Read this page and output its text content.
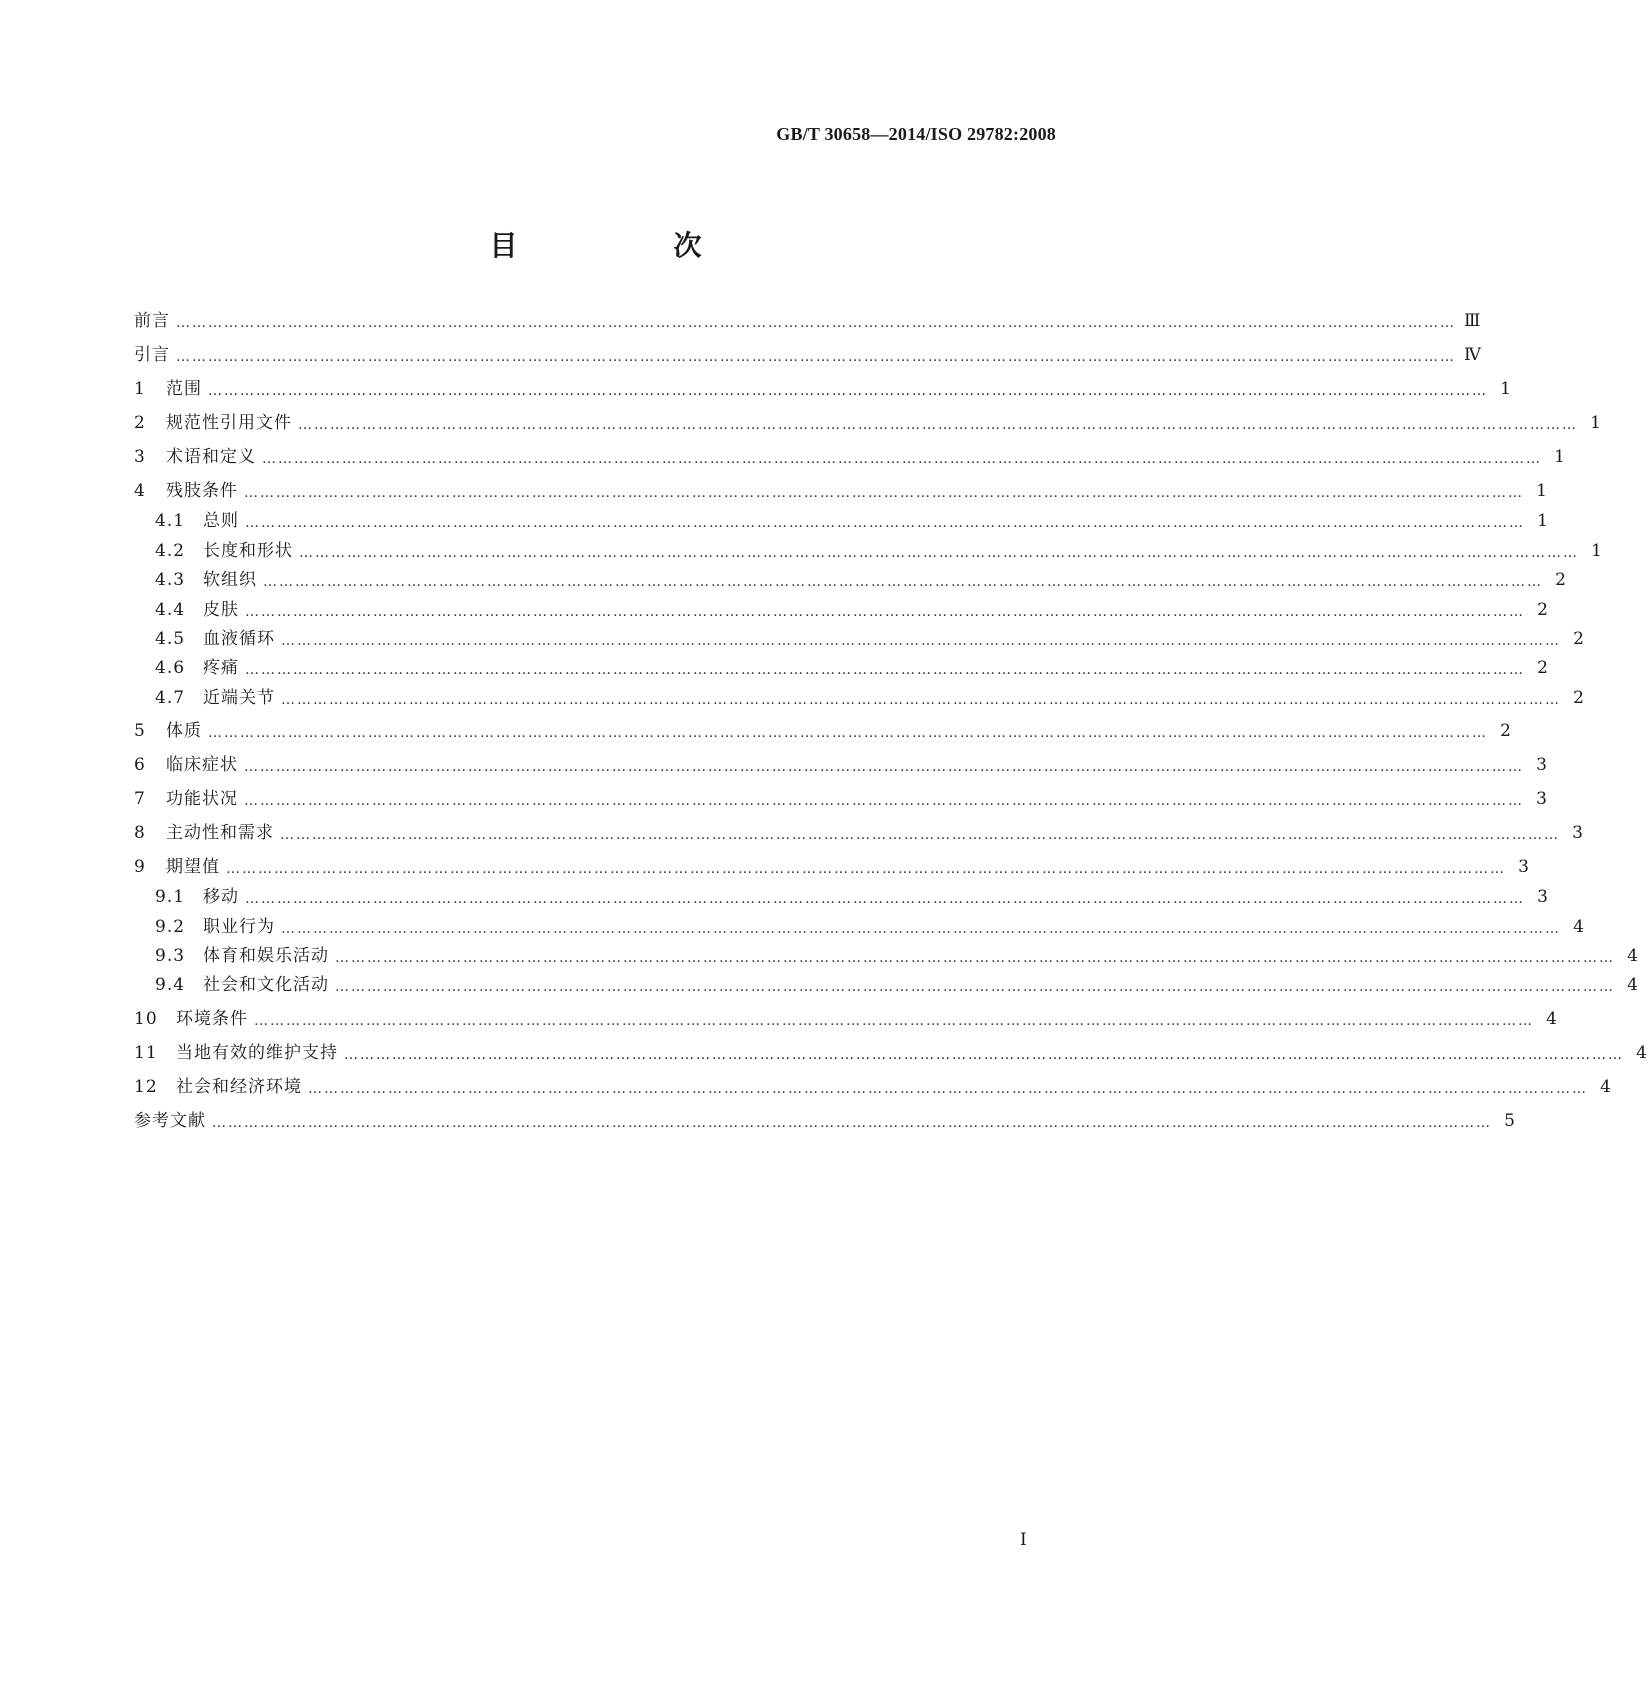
GB/T 30658—2014/ISO 29782:2008
目　次
前言 …………………………………………………………………………………………………………………………………………………………………………………………………………………… Ⅲ
引言 …………………………………………………………………………………………………………………………………………………………………………………………………………………… Ⅳ
1	范围 …………………………………………………………………………………………………………………………………………………………………………………………………………………… 1
2	规范性引用文件 …………………………………………………………………………………………………………………………………………………………………………………………………………………… 1
3	术语和定义 …………………………………………………………………………………………………………………………………………………………………………………………………………………… 1
4	残肢条件 …………………………………………………………………………………………………………………………………………………………………………………………………………………… 1
4.1	总则 …………………………………………………………………………………………………………………………………………………………………………………………………………………… 1
4.2	长度和形状 …………………………………………………………………………………………………………………………………………………………………………………………………………………… 1
4.3	软组织 …………………………………………………………………………………………………………………………………………………………………………………………………………………… 2
4.4	皮肤 …………………………………………………………………………………………………………………………………………………………………………………………………………………… 2
4.5	血液循环 …………………………………………………………………………………………………………………………………………………………………………………………………………………… 2
4.6	疼痛 …………………………………………………………………………………………………………………………………………………………………………………………………………………… 2
4.7	近端关节 …………………………………………………………………………………………………………………………………………………………………………………………………………………… 2
5	体质 …………………………………………………………………………………………………………………………………………………………………………………………………………………… 2
6	临床症状 …………………………………………………………………………………………………………………………………………………………………………………………………………………… 3
7	功能状况 …………………………………………………………………………………………………………………………………………………………………………………………………………………… 3
8	主动性和需求 …………………………………………………………………………………………………………………………………………………………………………………………………………………… 3
9	期望值 …………………………………………………………………………………………………………………………………………………………………………………………………………………… 3
9.1	移动 …………………………………………………………………………………………………………………………………………………………………………………………………………………… 3
9.2	职业行为 …………………………………………………………………………………………………………………………………………………………………………………………………………………… 4
9.3	体育和娱乐活动 …………………………………………………………………………………………………………………………………………………………………………………………………………………… 4
9.4	社会和文化活动 …………………………………………………………………………………………………………………………………………………………………………………………………………………… 4
10	环境条件 …………………………………………………………………………………………………………………………………………………………………………………………………………………… 4
11	当地有效的维护支持 …………………………………………………………………………………………………………………………………………………………………………………………………………………… 4
12	社会和经济环境 …………………………………………………………………………………………………………………………………………………………………………………………………………………… 4
参考文献 …………………………………………………………………………………………………………………………………………………………………………………………………………………… 5
I
